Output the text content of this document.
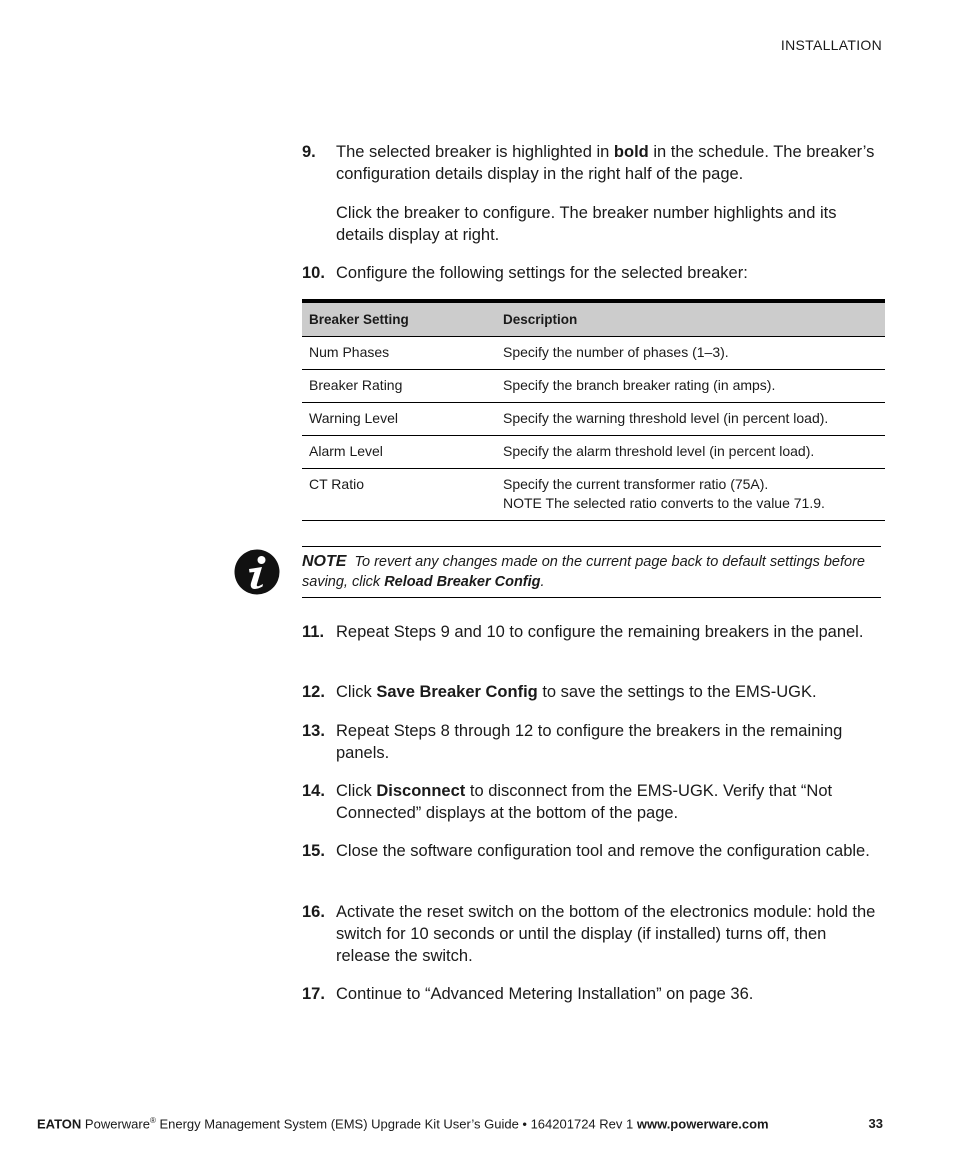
INSTALLATION
9. The selected breaker is highlighted in bold in the schedule. The breaker’s configuration details display in the right half of the page.

Click the breaker to configure. The breaker number highlights and its details display at right.

10. Configure the following settings for the selected breaker:

Breaker Setting	Description
Num Phases	Specify the number of phases (1–3).
Breaker Rating	Specify the branch breaker rating (in amps).
Warning Level	Specify the warning threshold level (in percent load).
Alarm Level	Specify the alarm threshold level (in percent load).
CT Ratio	Specify the current transformer ratio (75A).
NOTE The selected ratio converts to the value 71.9.
NOTE To revert any changes made on the current page back to default settings before saving, click Reload Breaker Config.
11. Repeat Steps 9 and 10 to configure the remaining breakers in the panel.

12. Click Save Breaker Config to save the settings to the EMS-UGK.

13. Repeat Steps 8 through 12 to configure the breakers in the remaining panels.

14. Click Disconnect to disconnect from the EMS-UGK. Verify that “Not Connected” displays at the bottom of the page.

15. Close the software configuration tool and remove the configuration cable.

16. Activate the reset switch on the bottom of the electronics module: hold the switch for 10 seconds or until the display (if installed) turns off, then release the switch.

17. Continue to “Advanced Metering Installation” on page 36.

EATON Powerware® Energy Management System (EMS) Upgrade Kit User’s Guide • 164201724 Rev 1 www.powerware.com	33
